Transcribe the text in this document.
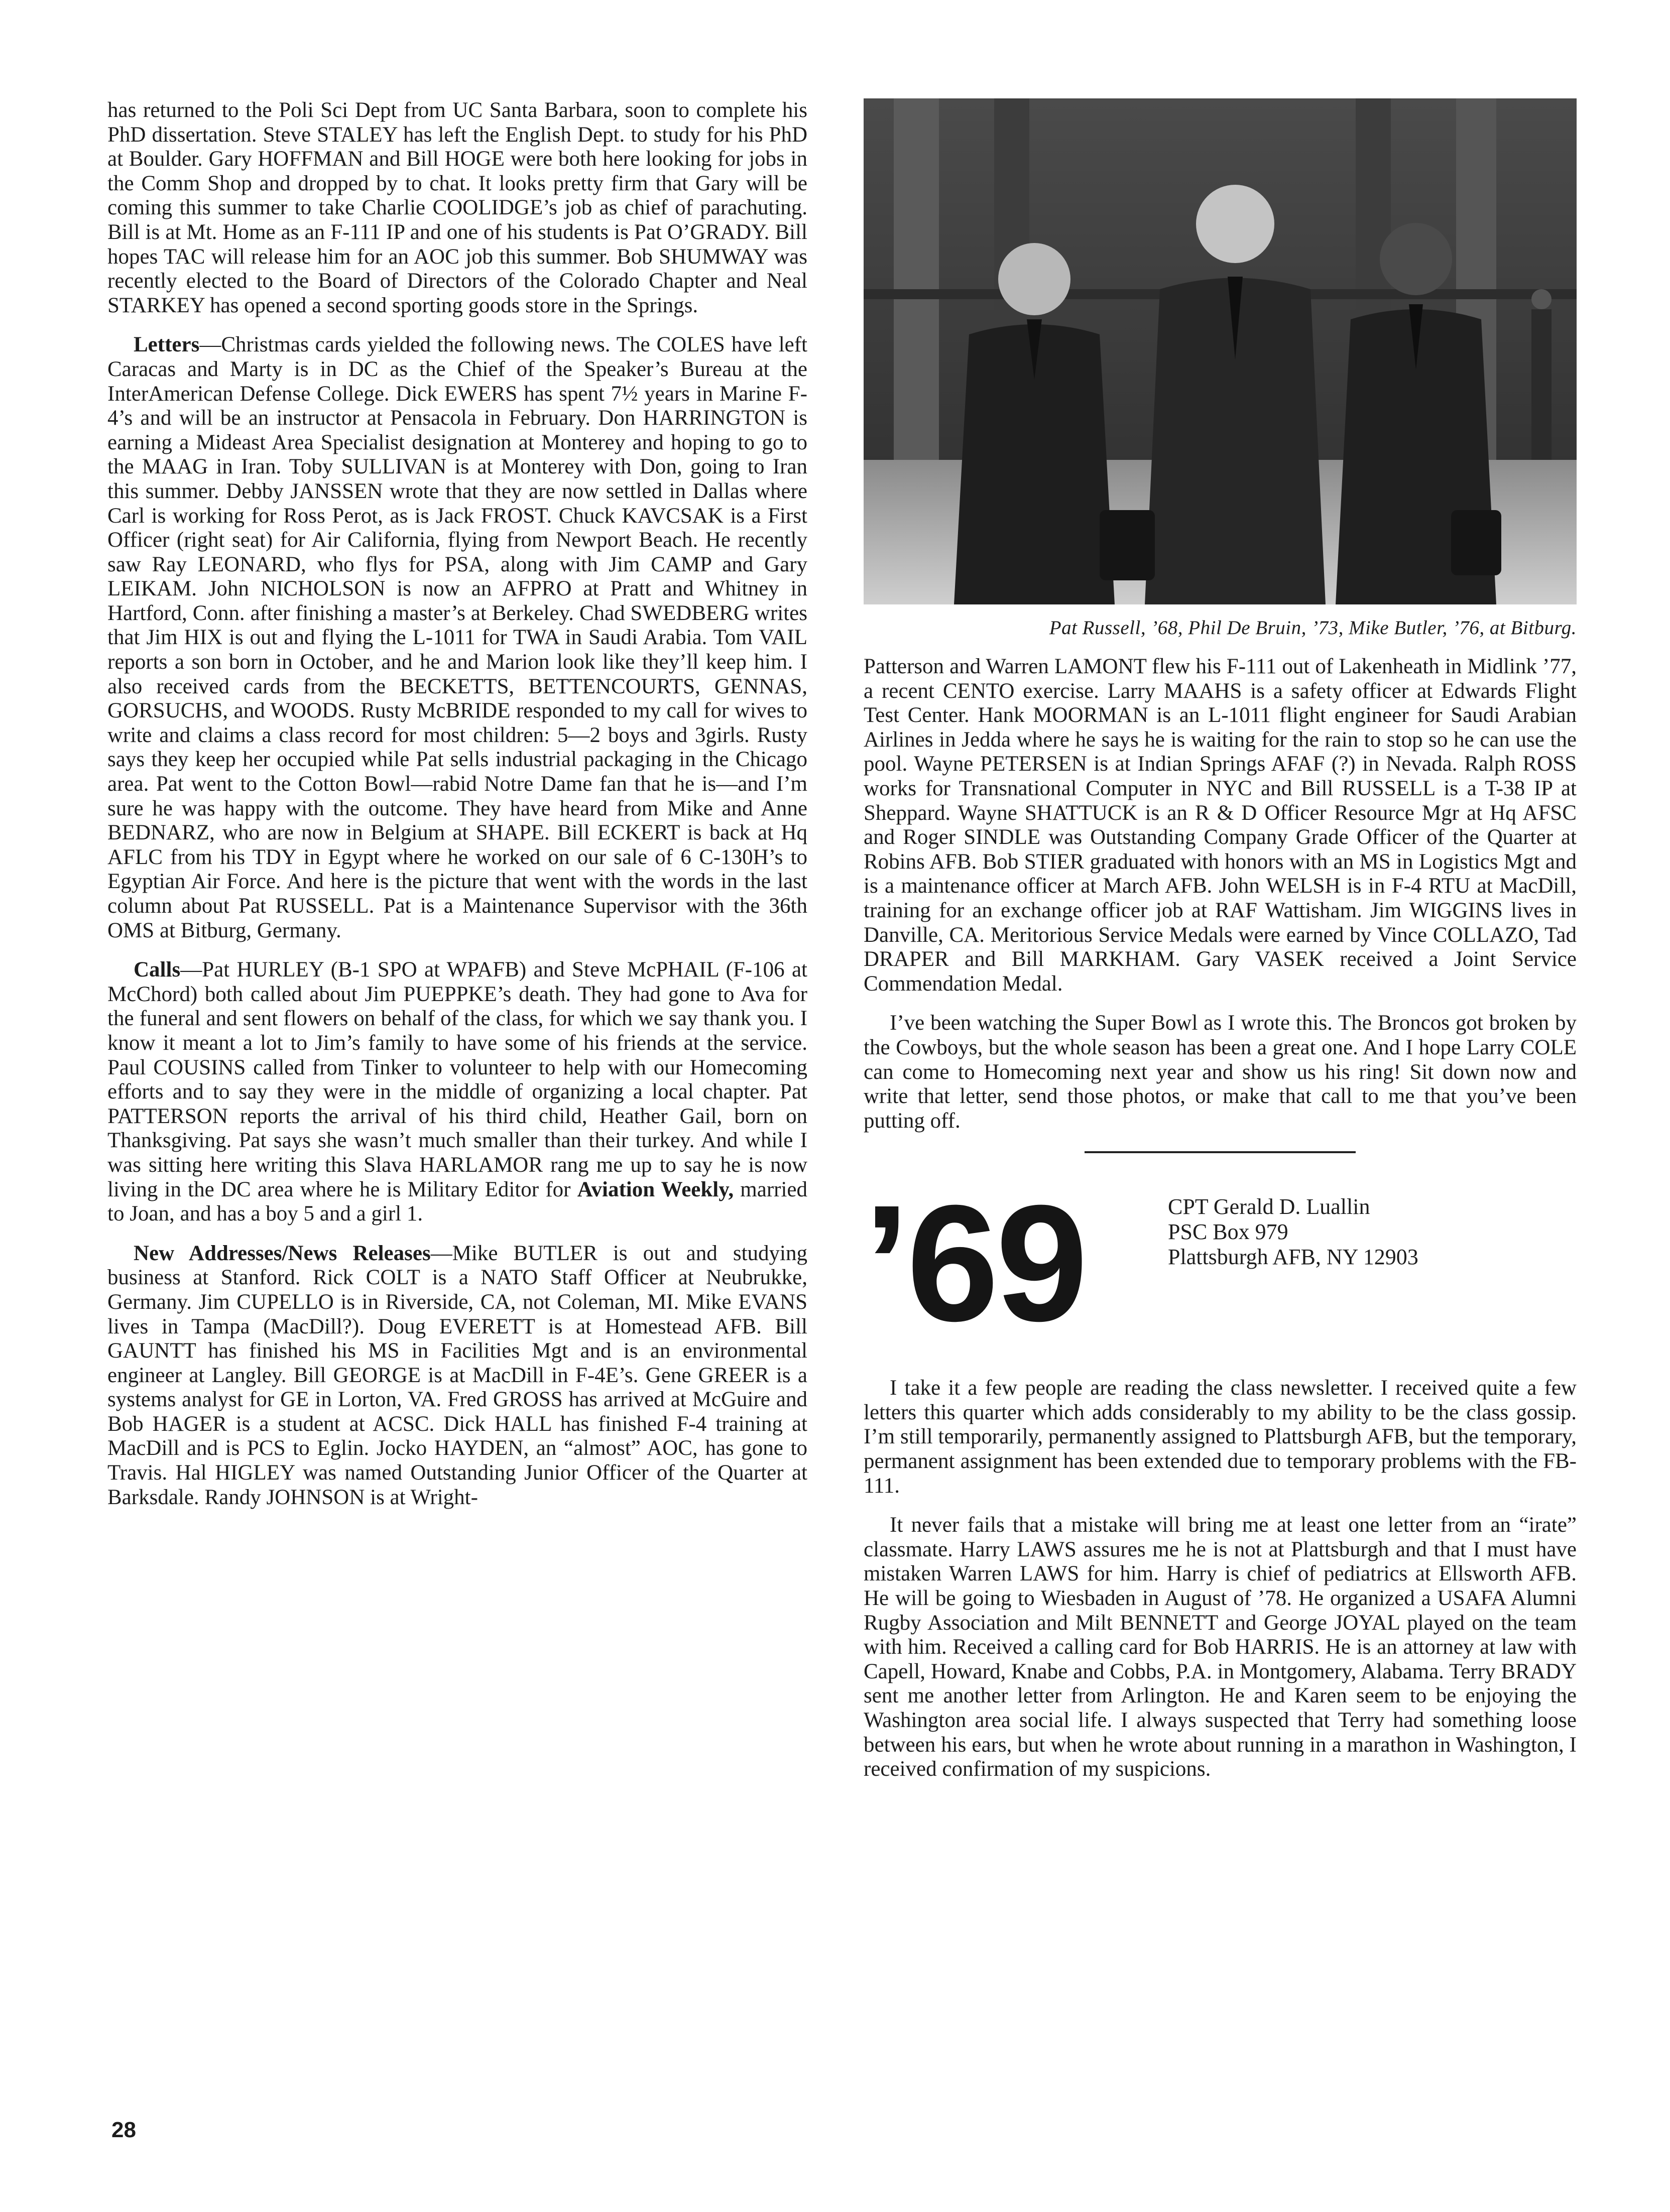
has returned to the Poli Sci Dept from UC Santa Barbara, soon to complete his PhD dissertation. Steve STALEY has left the English Dept. to study for his PhD at Boulder. Gary HOFFMAN and Bill HOGE were both here looking for jobs in the Comm Shop and dropped by to chat. It looks pretty firm that Gary will be coming this summer to take Charlie COOLIDGE’s job as chief of parachuting. Bill is at Mt. Home as an F-111 IP and one of his students is Pat O’GRADY. Bill hopes TAC will release him for an AOC job this summer. Bob SHUMWAY was recently elected to the Board of Directors of the Colorado Chapter and Neal STARKEY has opened a second sporting goods store in the Springs.

Letters—Christmas cards yielded the following news. The COLES have left Caracas and Marty is in DC as the Chief of the Speaker’s Bureau at the InterAmerican Defense College. Dick EWERS has spent 7½ years in Marine F-4’s and will be an instructor at Pensacola in February. Don HARRINGTON is earning a Mideast Area Specialist designation at Monterey and hoping to go to the MAAG in Iran. Toby SULLIVAN is at Monterey with Don, going to Iran this summer. Debby JANSSEN wrote that they are now settled in Dallas where Carl is working for Ross Perot, as is Jack FROST. Chuck KAVCSAK is a First Officer (right seat) for Air California, flying from Newport Beach. He recently saw Ray LEONARD, who flys for PSA, along with Jim CAMP and Gary LEIKAM. John NICHOLSON is now an AFPRO at Pratt and Whitney in Hartford, Conn. after finishing a master’s at Berkeley. Chad SWEDBERG writes that Jim HIX is out and flying the L-1011 for TWA in Saudi Arabia. Tom VAIL reports a son born in October, and he and Marion look like they’ll keep him. I also received cards from the BECKETTS, BETTENCOURTS, GENNAS, GORSUCHS, and WOODS. Rusty McBRIDE responded to my call for wives to write and claims a class record for most children: 5—2 boys and 3girls. Rusty says they keep her occupied while Pat sells industrial packaging in the Chicago area. Pat went to the Cotton Bowl—rabid Notre Dame fan that he is—and I’m sure he was happy with the outcome. They have heard from Mike and Anne BEDNARZ, who are now in Belgium at SHAPE. Bill ECKERT is back at Hq AFLC from his TDY in Egypt where he worked on our sale of 6 C-130H’s to Egyptian Air Force. And here is the picture that went with the words in the last column about Pat RUSSELL. Pat is a Maintenance Supervisor with the 36th OMS at Bitburg, Germany.

Calls—Pat HURLEY (B-1 SPO at WPAFB) and Steve McPHAIL (F-106 at McChord) both called about Jim PUEPPKE’s death. They had gone to Ava for the funeral and sent flowers on behalf of the class, for which we say thank you. I know it meant a lot to Jim’s family to have some of his friends at the service. Paul COUSINS called from Tinker to volunteer to help with our Homecoming efforts and to say they were in the middle of organizing a local chapter. Pat PATTERSON reports the arrival of his third child, Heather Gail, born on Thanksgiving. Pat says she wasn’t much smaller than their turkey. And while I was sitting here writing this Slava HARLAMOR rang me up to say he is now living in the DC area where he is Military Editor for Aviation Weekly, married to Joan, and has a boy 5 and a girl 1.

New Addresses/News Releases—Mike BUTLER is out and studying business at Stanford. Rick COLT is a NATO Staff Officer at Neubrukke, Germany. Jim CUPELLO is in Riverside, CA, not Coleman, MI. Mike EVANS lives in Tampa (MacDill?). Doug EVERETT is at Homestead AFB. Bill GAUNTT has finished his MS in Facilities Mgt and is an environmental engineer at Langley. Bill GEORGE is at MacDill in F-4E’s. Gene GREER is a systems analyst for GE in Lorton, VA. Fred GROSS has arrived at McGuire and Bob HAGER is a student at ACSC. Dick HALL has finished F-4 training at MacDill and is PCS to Eglin. Jocko HAYDEN, an “almost” AOC, has gone to Travis. Hal HIGLEY was named Outstanding Junior Officer of the Quarter at Barksdale. Randy JOHNSON is at Wright-

Pat Russell, ’68, Phil De Bruin, ’73, Mike Butler, ’76, at Bitburg.

Patterson and Warren LAMONT flew his F-111 out of Lakenheath in Midlink ’77, a recent CENTO exercise. Larry MAAHS is a safety officer at Edwards Flight Test Center. Hank MOORMAN is an L-1011 flight engineer for Saudi Arabian Airlines in Jedda where he says he is waiting for the rain to stop so he can use the pool. Wayne PETERSEN is at Indian Springs AFAF (?) in Nevada. Ralph ROSS works for Transnational Computer in NYC and Bill RUSSELL is a T-38 IP at Sheppard. Wayne SHATTUCK is an R & D Officer Resource Mgr at Hq AFSC and Roger SINDLE was Outstanding Company Grade Officer of the Quarter at Robins AFB. Bob STIER graduated with honors with an MS in Logistics Mgt and is a maintenance officer at March AFB. John WELSH is in F-4 RTU at MacDill, training for an exchange officer job at RAF Wattisham. Jim WIGGINS lives in Danville, CA. Meritorious Service Medals were earned by Vince COLLAZO, Tad DRAPER and Bill MARKHAM. Gary VASEK received a Joint Service Commendation Medal.

I’ve been watching the Super Bowl as I wrote this. The Broncos got broken by the Cowboys, but the whole season has been a great one. And I hope Larry COLE can come to Homecoming next year and show us his ring! Sit down now and write that letter, send those photos, or make that call to me that you’ve been putting off.

’69	CPT Gerald D. Luallin
PSC Box 979
Plattsburgh AFB, NY 12903

I take it a few people are reading the class newsletter. I received quite a few letters this quarter which adds considerably to my ability to be the class gossip. I’m still temporarily, permanently assigned to Plattsburgh AFB, but the temporary, permanent assignment has been extended due to temporary problems with the FB-111.

It never fails that a mistake will bring me at least one letter from an “irate” classmate. Harry LAWS assures me he is not at Plattsburgh and that I must have mistaken Warren LAWS for him. Harry is chief of pediatrics at Ellsworth AFB. He will be going to Wiesbaden in August of ’78. He organized a USAFA Alumni Rugby Association and Milt BENNETT and George JOYAL played on the team with him. Received a calling card for Bob HARRIS. He is an attorney at law with Capell, Howard, Knabe and Cobbs, P.A. in Montgomery, Alabama. Terry BRADY sent me another letter from Arlington. He and Karen seem to be enjoying the Washington area social life. I always suspected that Terry had something loose between his ears, but when he wrote about running in a marathon in Washington, I received confirmation of my suspicions.

28
